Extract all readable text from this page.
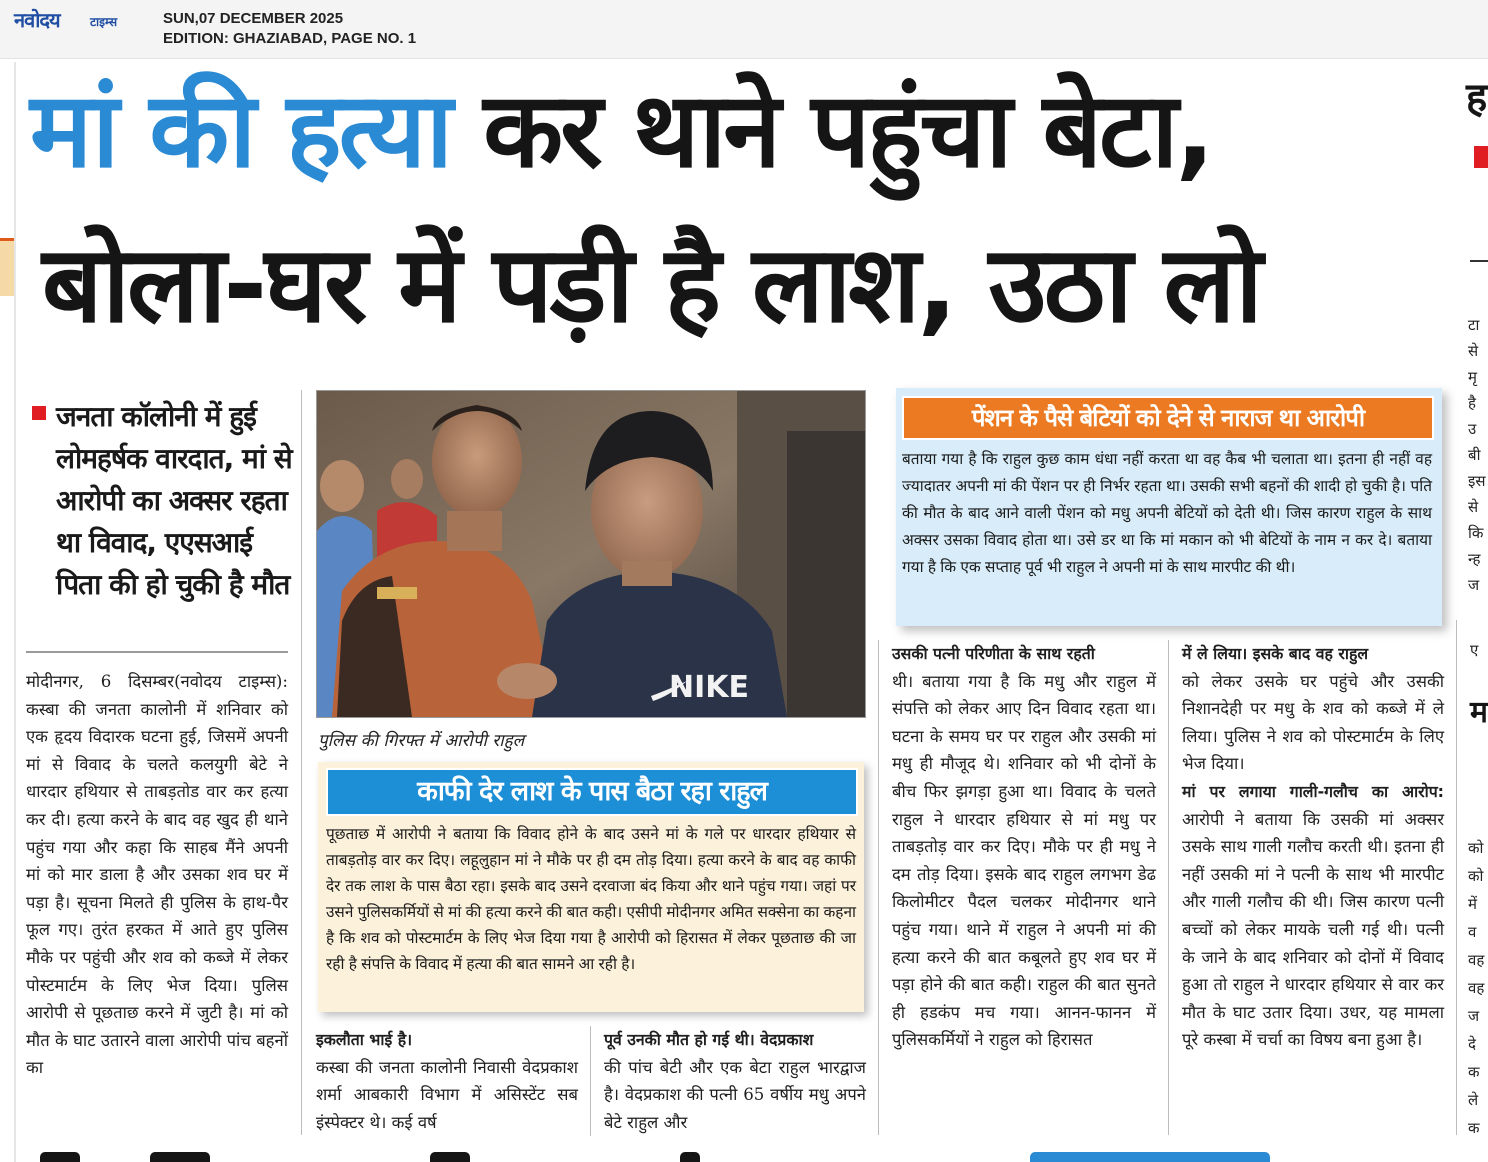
नवोदय	टाइम्स	SUN,07 DECEMBER 2025
EDITION: GHAZIABAD, PAGE NO. 1
मां की हत्या कर थाने पहुंचा बेटा,
बोला-घर में पड़ी है लाश, उठा लो
जनता कॉलोनी में हुई लोमहर्षक वारदात, मां से आरोपी का अक्सर रहता था विवाद, एएसआई पिता की हो चुकी है मौत
मोदीनगर, 6 दिसम्बर(नवोदय टाइम्स): कस्बा की जनता कालोनी में शनिवार को एक हृदय विदारक घटना हुई, जिसमें अपनी मां से विवाद के चलते कलयुगी बेटे ने धारदार हथियार से ताबड़तोड वार कर हत्या कर दी। हत्या करने के बाद वह खुद ही थाने पहुंच गया और कहा कि साहब मैंने अपनी मां को मार डाला है और उसका शव घर में पड़ा है। सूचना मिलते ही पुलिस के हाथ-पैर फूल गए। तुरंत हरकत में आते हुए पुलिस मौके पर पहुंची और शव को कब्जे में लेकर पोस्टमार्टम के लिए भेज दिया। पुलिस आरोपी से पूछताछ करने में जुटी है। मां को मौत के घाट उतारने वाला आरोपी पांच बहनों का
NIKE
पुलिस की गिरफ्त में आरोपी राहुल
काफी देर लाश के पास बैठा रहा राहुल
पूछताछ में आरोपी ने बताया कि विवाद होने के बाद उसने मां के गले पर धारदार हथियार से ताबड़तोड़ वार कर दिए। लहूलुहान मां ने मौके पर ही दम तोड़ दिया। हत्या करने के बाद वह काफी देर तक लाश के पास बैठा रहा। इसके बाद उसने दरवाजा बंद किया और थाने पहुंच गया। जहां पर उसने पुलिसकर्मियों से मां की हत्या करने की बात कही। एसीपी मोदीनगर अमित सक्सेना का कहना है कि शव को पोस्टमार्टम के लिए भेज दिया गया है आरोपी को हिरासत में लेकर पूछताछ की जा रही है संपत्ति के विवाद में हत्या की बात सामने आ रही है।
पेंशन के पैसे बेटियों को देने से नाराज था आरोपी
बताया गया है कि राहुल कुछ काम धंधा नहीं करता था वह कैब भी चलाता था। इतना ही नहीं वह ज्यादातर अपनी मां की पेंशन पर ही निर्भर रहता था। उसकी सभी बहनों की शादी हो चुकी है। पति की मौत के बाद आने वाली पेंशन को मधु अपनी बेटियों को देती थी। जिस कारण राहुल के साथ अक्सर उसका विवाद होता था। उसे डर था कि मां मकान को भी बेटियों के नाम न कर दे। बताया गया है कि एक सप्ताह पूर्व भी राहुल ने अपनी मां के साथ मारपीट की थी।
इकलौता भाई है।
कस्बा की जनता कालोनी निवासी वेदप्रकाश शर्मा आबकारी विभाग में असिस्टेंट सब इंस्पेक्टर थे। कई वर्ष
पूर्व उनकी मौत हो गई थी। वेदप्रकाश
की पांच बेटी और एक बेटा राहुल भारद्वाज है। वेदप्रकाश की पत्नी 65 वर्षीय मधु अपने बेटे राहुल और
उसकी पत्नी परिणीता के साथ रहती
थी। बताया गया है कि मधु और राहुल में संपत्ति को लेकर आए दिन विवाद रहता था। घटना के समय घर पर राहुल और उसकी मां मधु ही मौजूद थे। शनिवार को भी दोनों के बीच फिर झगड़ा हुआ था। विवाद के चलते राहुल ने धारदार हथियार से मां मधु पर ताबड़तोड़ वार कर दिए। मौके पर ही मधु ने दम तोड़ दिया। इसके बाद राहुल लगभग डेढ किलोमीटर पैदल चलकर मोदीनगर थाने पहुंच गया। थाने में राहुल ने अपनी मां की हत्या करने की बात कबूलते हुए शव घर में पड़ा होने की बात कही। राहुल की बात सुनते ही हडकंप मच गया। आनन-फानन में पुलिसकर्मियों ने राहुल को हिरासत
में ले लिया। इसके बाद वह राहुल
को लेकर उसके घर पहुंचे और उसकी निशानदेही पर मधु के शव को कब्जे में ले लिया। पुलिस ने शव को पोस्टमार्टम के लिए भेज दिया।
मां पर लगाया गाली-गलौच का आरोप: आरोपी ने बताया कि उसकी मां अक्सर उसके साथ गाली गलौच करती थी। इतना ही नहीं उसकी मां ने पत्नी के साथ भी मारपीट और गाली गलौच की थी। जिस कारण पत्नी बच्चों को लेकर मायके चली गई थी। पत्नी के जाने के बाद शनिवार को दोनों में विवाद हुआ तो राहुल ने धारदार हथियार से वार कर मौत के घाट उतार दिया। उधर, यह मामला पूरे कस्बा में चर्चा का विषय बना हुआ है।
ह
टा
से
मृ
है
उ
बी
इस
से
कि
न्ह
ज
ए
म
को
को
में
व
वह
वह
ज
दे
क
ले
क
